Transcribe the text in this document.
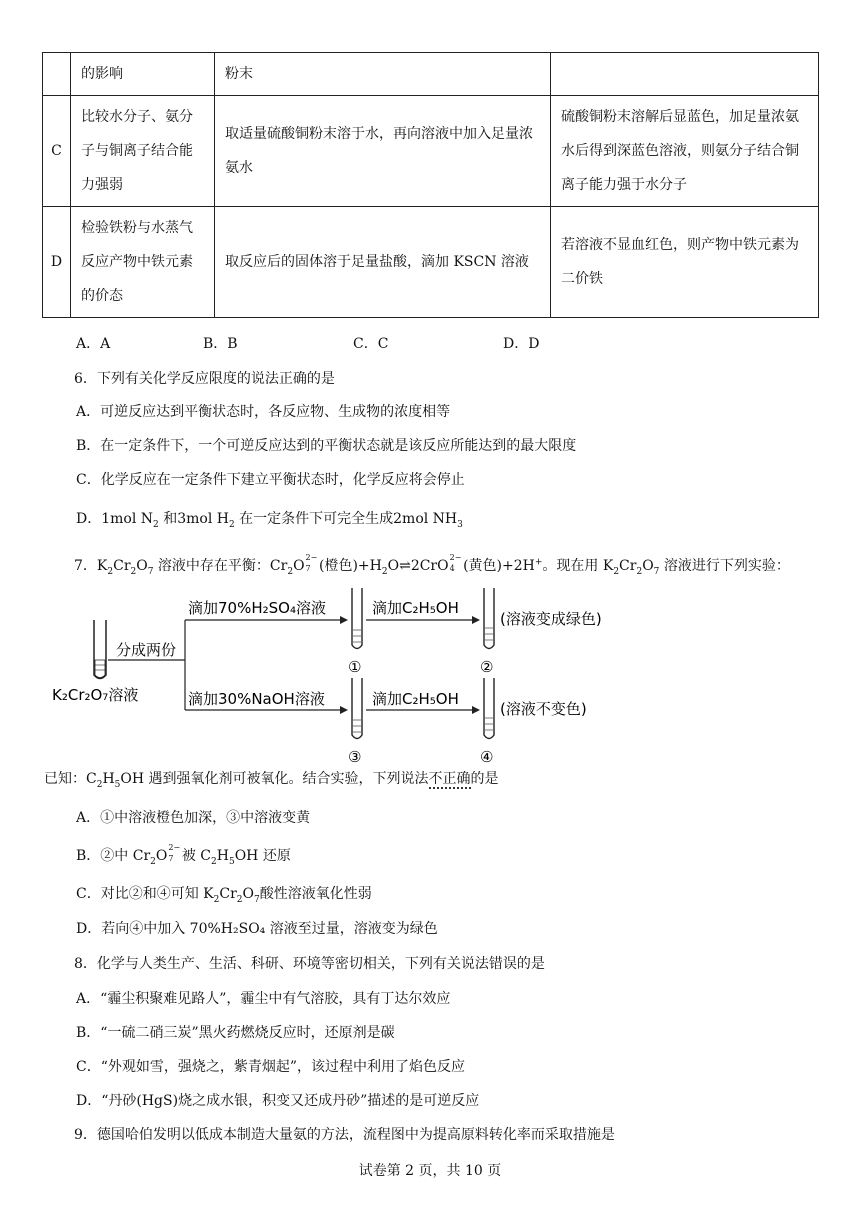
	的影响	粉末	
C	比较水分子、氨分子与铜离子结合能力强弱	取适量硫酸铜粉末溶于水，再向溶液中加入足量浓氨水	硫酸铜粉末溶解后显蓝色，加足量浓氨水后得到深蓝色溶液，则氨分子结合铜离子能力强于水分子
D	检验铁粉与水蒸气反应产物中铁元素的价态	取反应后的固体溶于足量盐酸，滴加 KSCN 溶液	若溶液不显血红色，则产物中铁元素为二价铁
A．A	B．B	C．C	D．D
6．下列有关化学反应限度的说法正确的是
A．可逆反应达到平衡状态时，各反应物、生成物的浓度相等
B．在一定条件下，一个可逆反应达到的平衡状态就是该反应所能达到的最大限度
C．化学反应在一定条件下建立平衡状态时，化学反应将会停止
D．1mol $N_2$ 和3mol $H_2$ 在一定条件下可完全生成2mol $NH_3$
7．$K_2Cr_2O_7$ 溶液中存在平衡：$Cr_2O$
2−
7 (橙色)$+H_2O\rightleftharpoons 2CrO$
2−
4 (黄色)+2H+。现在用 $K_2Cr_2O_7$ 溶液进行下列实验：
K₂Cr₂O₇溶液
分成两份
滴加70%H₂SO₄溶液
滴加30%NaOH溶液
①
③
滴加C₂H₅OH
滴加C₂H₅OH
②
④
(溶液变成绿色)
(溶液不变色)
已知：$C_2H_5OH$ 遇到强氧化剂可被氧化。结合实验，下列说法不正确的是
A．①中溶液橙色加深，③中溶液变黄
B．②中 $Cr_2O$
2−
7 被 $C_2H_5OH$ 还原
C．对比②和④可知 $K_2Cr_2O_7$酸性溶液氧化性弱
D．若向④中加入 70%H₂SO₄ 溶液至过量，溶液变为绿色
8．化学与人类生产、生活、科研、环境等密切相关，下列有关说法错误的是
A．“霾尘积聚难见路人”，霾尘中有气溶胶，具有丁达尔效应
B．“一硫二硝三炭”黑火药燃烧反应时，还原剂是碳
C．“外观如雪，强烧之，紫青烟起”，该过程中利用了焰色反应
D．“丹砂(HgS)烧之成水银，积变又还成丹砂”描述的是可逆反应
9．德国哈伯发明以低成本制造大量氨的方法，流程图中为提高原料转化率而采取措施是
试卷第 2 页，共 10 页
